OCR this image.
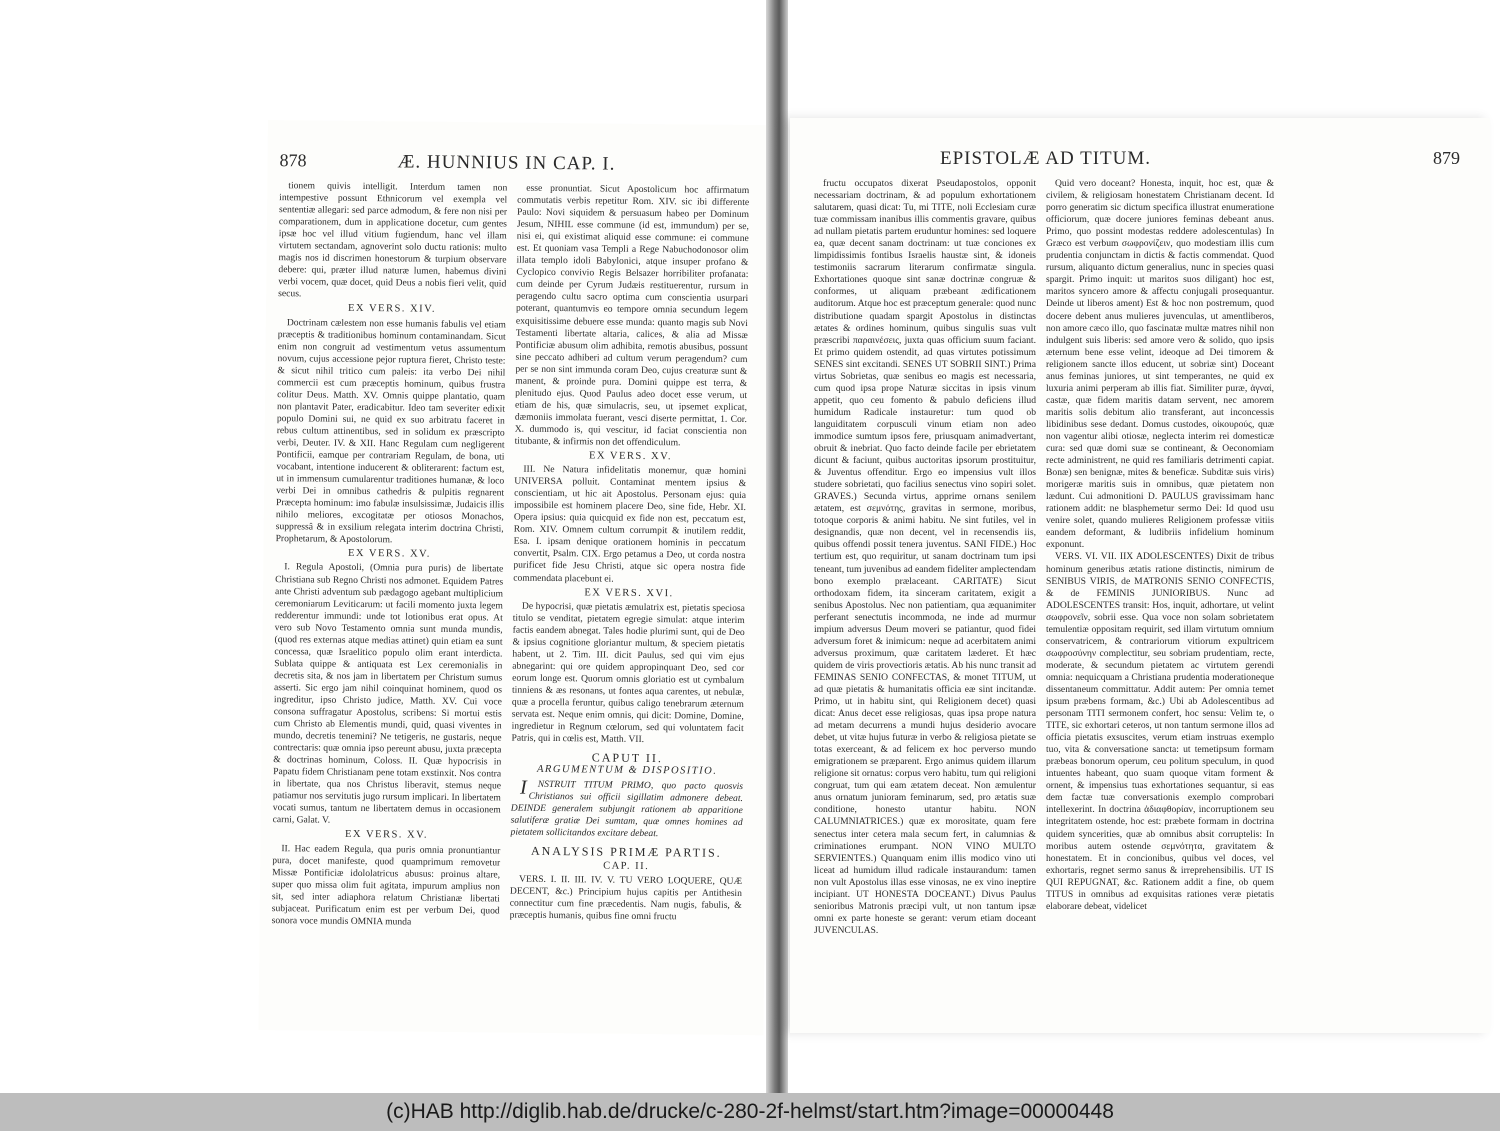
878	Æ. HUNNIUS IN CAP. I.

tionem quivis intelligit. Interdum tamen non intempestive possunt Ethnicorum vel exempla vel sententiæ allegari: sed parce admodum, & fere non nisi per comparationem, dum in applicatione docetur, cum gentes ipsæ hoc vel illud vitium fugiendum, hanc vel illam virtutem sectandam, agnoverint solo ductu rationis: multo magis nos id discrimen honestorum & turpium observare debere: qui, præter illud naturæ lumen, habemus divini verbi vocem, quæ docet, quid Deus a nobis fieri velit, quid secus.

EX VERS. XIV.

Doctrinam cælestem non esse humanis fabulis vel etiam præceptis & traditionibus hominum contaminandam. Sicut enim non congruit ad vestimentum vetus assumentum novum, cujus accessione pejor ruptura fieret, Christo teste: & sicut nihil tritico cum paleis: ita verbo Dei nihil commercii est cum præceptis hominum, quibus frustra colitur Deus. Matth. XV. Omnis quippe plantatio, quam non plantavit Pater, eradicabitur. Ideo tam severiter edixit populo Domini sui, ne quid ex suo arbitratu faceret in rebus cultum attinentibus, sed in solidum ex præscripto verbi, Deuter. IV. & XII. Hanc Regulam cum negligerent Pontificii, eamque per contrariam Regulam, de bona, uti vocabant, intentione inducerent & obliterarent: factum est, ut in immensum cumularentur traditiones humanæ, & loco verbi Dei in omnibus cathedris & pulpitis regnarent Præcepta hominum: imo fabulæ insulsissimæ, Judaicis illis nihilo meliores, excogitatæ per otiosos Monachos, suppressâ & in exsilium relegata interim doctrina Christi, Prophetarum, & Apostolorum.

EX VERS. XV.

I. Regula Apostoli, (Omnia pura puris) de libertate Christiana sub Regno Christi nos admonet. Equidem Patres ante Christi adventum sub pædagogo agebant multiplicium ceremoniarum Leviticarum: ut facili momento juxta legem redderentur immundi: unde tot lotionibus erat opus. At vero sub Novo Testamento omnia sunt munda mundis, (quod res externas atque medias attinet) quin etiam ea sunt concessa, quæ Israelitico populo olim erant interdicta. Sublata quippe & antiquata est Lex ceremonialis in decretis sita, & nos jam in libertatem per Christum sumus asserti. Sic ergo jam nihil coinquinat hominem, quod os ingreditur, ipso Christo judice, Matth. XV. Cui voce consona suffragatur Apostolus, scribens: Si mortui estis cum Christo ab Elementis mundi, quid, quasi viventes in mundo, decretis tenemini? Ne tetigeris, ne gustaris, neque contrectaris: quæ omnia ipso pereunt abusu, juxta præcepta & doctrinas hominum, Coloss. II. Quæ hypocrisis in Papatu fidem Christianam pene totam exstinxit. Nos contra in libertate, qua nos Christus liberavit, stemus neque patiamur nos servitutis jugo rursum implicari. In libertatem vocati sumus, tantum ne libertatem demus in occasionem carni, Galat. V.

EX VERS. XV.

II. Hac eadem Regula, qua puris omnia pronuntiantur pura, docet manifeste, quod quamprimum removetur Missæ Pontificiæ idololatricus abusus: proinus altare, super quo missa olim fuit agitata, impurum amplius non sit, sed inter adiaphora relatum Christianæ libertati subjaceat. Purificatum enim est per verbum Dei, quod sonora voce mundis OMNIA munda

esse pronuntiat. Sicut Apostolicum hoc affirmatum commutatis verbis repetitur Rom. XIV. sic ibi differente Paulo: Novi siquidem & persuasum habeo per Dominum Jesum, NIHIL esse commune (id est, immundum) per se, nisi ei, qui existimat aliquid esse commune: ei commune est. Et quoniam vasa Templi a Rege Nabuchodonosor olim illata templo idoli Babylonici, atque insuper profano & Cyclopico convivio Regis Belsazer horribiliter profanata: cum deinde per Cyrum Judæis restituerentur, rursum in peragendo cultu sacro optima cum conscientia usurpari poterant, quantumvis eo tempore omnia secundum legem exquisitissime debuere esse munda: quanto magis sub Novi Testamenti libertate altaria, calices, & alia ad Missæ Pontificiæ abusum olim adhibita, remotis abusibus, possunt sine peccato adhiberi ad cultum verum peragendum? cum per se non sint immunda coram Deo, cujus creaturæ sunt & manent, & proinde pura. Domini quippe est terra, & plenitudo ejus. Quod Paulus adeo docet esse verum, ut etiam de his, quæ simulacris, seu, ut ipsemet explicat, dæmoniis immolata fuerant, vesci diserte permittat, 1. Cor. X. dummodo is, qui vescitur, id faciat conscientia non titubante, & infirmis non det offendiculum.

EX VERS. XV.

III. Ne Natura infidelitatis monemur, quæ homini UNIVERSA polluit. Contaminat mentem ipsius & conscientiam, ut hic ait Apostolus. Personam ejus: quia impossibile est hominem placere Deo, sine fide, Hebr. XI. Opera ipsius: quia quicquid ex fide non est, peccatum est, Rom. XIV. Omnem cultum corrumpit & inutilem reddit, Esa. I. ipsam denique orationem hominis in peccatum convertit, Psalm. CIX. Ergo petamus a Deo, ut corda nostra purificet fide Jesu Christi, atque sic opera nostra fide commendata placebunt ei.

EX VERS. XVI.

De hypocrisi, quæ pietatis æmulatrix est, pietatis speciosa titulo se venditat, pietatem egregie simulat: atque interim factis eandem abnegat. Tales hodie plurimi sunt, qui de Deo & ipsius cognitione gloriantur multum, & speciem pietatis habent, ut 2. Tim. III. dicit Paulus, sed qui vim ejus abnegarint: qui ore quidem appropinquant Deo, sed cor eorum longe est. Quorum omnis gloriatio est ut cymbalum tinniens & æs resonans, ut fontes aqua carentes, ut nebulæ, quæ a procella feruntur, quibus caligo tenebrarum æternum servata est. Neque enim omnis, qui dicit: Domine, Domine, ingredietur in Regnum cœlorum, sed qui voluntatem facit Patris, qui in cœlis est, Matth. VII.

CAPUT II.
ARGUMENTUM & DISPOSITIO.

INSTRUIT TITUM PRIMO, quo pacto quosvis Christianos sui officii sigillatim admonere debeat. DEINDE generalem subjungit rationem ab apparitione salutiferæ gratiæ Dei sumtam, quæ omnes homines ad pietatem sollicitandos excitare debeat.

ANALYSIS PRIMÆ PARTIS.
CAP. II.

VERS. I. II. III. IV. V. TU VERO LOQUERE, QUÆ DECENT, &c.) Principium hujus capitis per Antithesin connectitur cum fine præcedentis. Nam nugis, fabulis, & præceptis humanis, quibus fine omni fructu

EPISTOLÆ AD TITUM.	879

fructu occupatos dixerat Pseudapostolos, opponit necessariam doctrinam, & ad populum exhortationem salutarem, quasi dicat: Tu, mi TITE, noli Ecclesiam curæ tuæ commissam inanibus illis commentis gravare, quibus ad nullam pietatis partem eruduntur homines: sed loquere ea, quæ decent sanam doctrinam: ut tuæ conciones ex limpidissimis fontibus Israelis haustæ sint, & idoneis testimoniis sacrarum literarum confirmatæ singula. Exhortationes quoque sint sanæ doctrinæ congruæ & conformes, ut aliquam præbeant ædificationem auditorum. Atque hoc est præceptum generale: quod nunc distributione quadam spargit Apostolus in distinctas ætates & ordines hominum, quibus singulis suas vult præscribi παραινέσεις, juxta quas officium suum faciant. Et primo quidem ostendit, ad quas virtutes potissimum SENES sint excitandi. SENES UT SOBRII SINT.) Prima virtus Sobrietas, quæ senibus eo magis est necessaria, cum quod ipsa prope Naturæ siccitas in ipsis vinum appetit, quo ceu fomento & pabulo deficiens illud humidum Radicale instauretur: tum quod ob languiditatem corpusculi vinum etiam non adeo immodice sumtum ipsos fere, priusquam animadvertant, obruit & inebriat. Quo facto deinde facile per ebrietatem dicunt & faciunt, quibus auctoritas ipsorum prostituitur, & Juventus offenditur. Ergo eo impensius vult illos studere sobrietati, quo facilius senectus vino sopiri solet. GRAVES.) Secunda virtus, apprime ornans senilem ætatem, est σεμνότης, gravitas in sermone, moribus, totoque corporis & animi habitu. Ne sint futiles, vel in designandis, quæ non decent, vel in recensendis iis, quibus offendi possit tenera juventus. SANI FIDE.) Hoc tertium est, quo requiritur, ut sanam doctrinam tum ipsi teneant, tum juvenibus ad eandem fideliter amplectendam bono exemplo prælaceant. CARITATE) Sicut orthodoxam fidem, ita sinceram caritatem, exigit a senibus Apostolus. Nec non patientiam, qua æquanimiter perferant senectutis incommoda, ne inde ad murmur impium adversus Deum moveri se patiantur, quod fidei adversum foret & inimicum: neque ad acerbitatem animi adversus proximum, quæ caritatem læderet. Et hæc quidem de viris provectioris ætatis. Ab his nunc transit ad FEMINAS SENIO CONFECTAS, & monet TITUM, ut ad quæ pietatis & humanitatis officia eæ sint incitandæ. Primo, ut in habitu sint, qui Religionem decet) quasi dicat: Anus decet esse religiosas, quas ipsa prope natura ad metam decurrens a mundi hujus desiderio avocare debet, ut vitæ hujus futuræ in verbo & religiosa pietate se totas exerceant, & ad felicem ex hoc perverso mundo emigrationem se præparent. Ergo animus quidem illarum religione sit ornatus: corpus vero habitu, tum qui religioni congruat, tum qui eam ætatem deceat. Non æmulentur anus ornatum junioram feminarum, sed, pro ætatis suæ conditione, honesto utantur habitu. NON CALUMNIATRICES.) quæ ex morositate, quam fere senectus inter cetera mala secum fert, in calumnias & criminationes erumpant. NON VINO MULTO SERVIENTES.) Quanquam enim illis modico vino uti liceat ad humidum illud radicale instaurandum: tamen non vult Apostolus illas esse vinosas, ne ex vino ineptire incipiant. UT HONESTA DOCEANT.) Divus Paulus senioribus Matronis præcipi vult, ut non tantum ipsæ omni ex parte honeste se gerant: verum etiam doceant JUVENCULAS.

Quid vero doceant? Honesta, inquit, hoc est, quæ & civilem, & religiosam honestatem Christianam decent. Id porro generatim sic dictum specifica illustrat enumeratione officiorum, quæ docere juniores feminas debeant anus. Primo, quo possint modestas reddere adolescentulas) In Græco est verbum σωφρονίζειν, quo modestiam illis cum prudentia conjunctam in dictis & factis commendat. Quod rursum, aliquanto dictum generalius, nunc in species quasi spargit. Primo inquit: ut maritos suos diligant) hoc est, maritos syncero amore & affectu conjugali prosequantur. Deinde ut liberos ament) Est & hoc non postremum, quod docere debent anus mulieres juvenculas, ut amentliberos, non amore cæco illo, quo fascinatæ multæ matres nihil non indulgent suis liberis: sed amore vero & solido, quo ipsis æternum bene esse velint, ideoque ad Dei timorem & religionem sancte illos educent, ut sobriæ sint) Doceant anus feminas juniores, ut sint temperantes, ne quid ex luxuria animi perperam ab illis fiat. Similiter puræ, ἁγναί, castæ, quæ fidem maritis datam servent, nec amorem maritis solis debitum alio transferant, aut inconcessis libidinibus sese dedant. Domus custodes, οἰκουρούς, quæ non vagentur alibi otiosæ, neglecta interim rei domesticæ cura: sed quæ domi suæ se contineant, & Oeconomiam recte administrent, ne quid res familiaris detrimenti capiat. Bonæ) sen benignæ, mites & beneficæ. Subditæ suis viris) morigeræ maritis suis in omnibus, quæ pietatem non lædunt. Cui admonitioni D. PAULUS gravissimam hanc rationem addit: ne blasphemetur sermo Dei: Id quod usu venire solet, quando mulieres Religionem professæ vitiis eandem deformant, & ludibriis infidelium hominum exponunt.

VERS. VI. VII. IIX ADOLESCENTES) Dixit de tribus hominum generibus ætatis ratione distinctis, nimirum de SENIBUS VIRIS, de MATRONIS SENIO CONFECTIS, & de FEMINIS JUNIORIBUS. Nunc ad ADOLESCENTES transit: Hos, inquit, adhortare, ut velint σωφρονεῖν, sobrii esse. Qua voce non solam sobrietatem temulentiæ oppositam requirit, sed illam virtutum omnium conservatricem, & contrariorum vitiorum expultricem σωφροσύνην complectitur, seu sobriam prudentiam, recte, moderate, & secundum pietatem ac virtutem gerendi omnia: nequicquam a Christiana prudentia moderationeque dissentaneum committatur. Addit autem: Per omnia temet ipsum præbens formam, &c.) Ubi ab Adolescentibus ad personam TITI sermonem confert, hoc sensu: Velim te, o TITE, sic exhortari ceteros, ut non tantum sermone illos ad officia pietatis exsuscites, verum etiam instruas exemplo tuo, vita & conversatione sancta: ut temetipsum formam præbeas bonorum operum, ceu politum speculum, in quod intuentes habeant, quo suam quoque vitam forment & ornent, & impensius tuas exhortationes sequantur, si eas dem factæ tuæ conversationis exemplo comprobari intellexerint. In doctrina ἀδιαφθορίαν, incorruptionem seu integritatem ostende, hoc est: præbete formam in doctrina quidem syncerities, quæ ab omnibus absit corruptelis: In moribus autem ostende σεμνότητα, gravitatem & honestatem. Et in concionibus, quibus vel doces, vel exhortaris, regnet sermo sanus & irreprehensibilis. UT IS QUI REPUGNAT, &c. Rationem addit a fine, ob quem TITUS in omnibus ad exquisitas rationes veræ pietatis elaborare debeat, videlicet

(c)HAB http://diglib.hab.de/drucke/c-280-2f-helmst/start.htm?image=00000448
